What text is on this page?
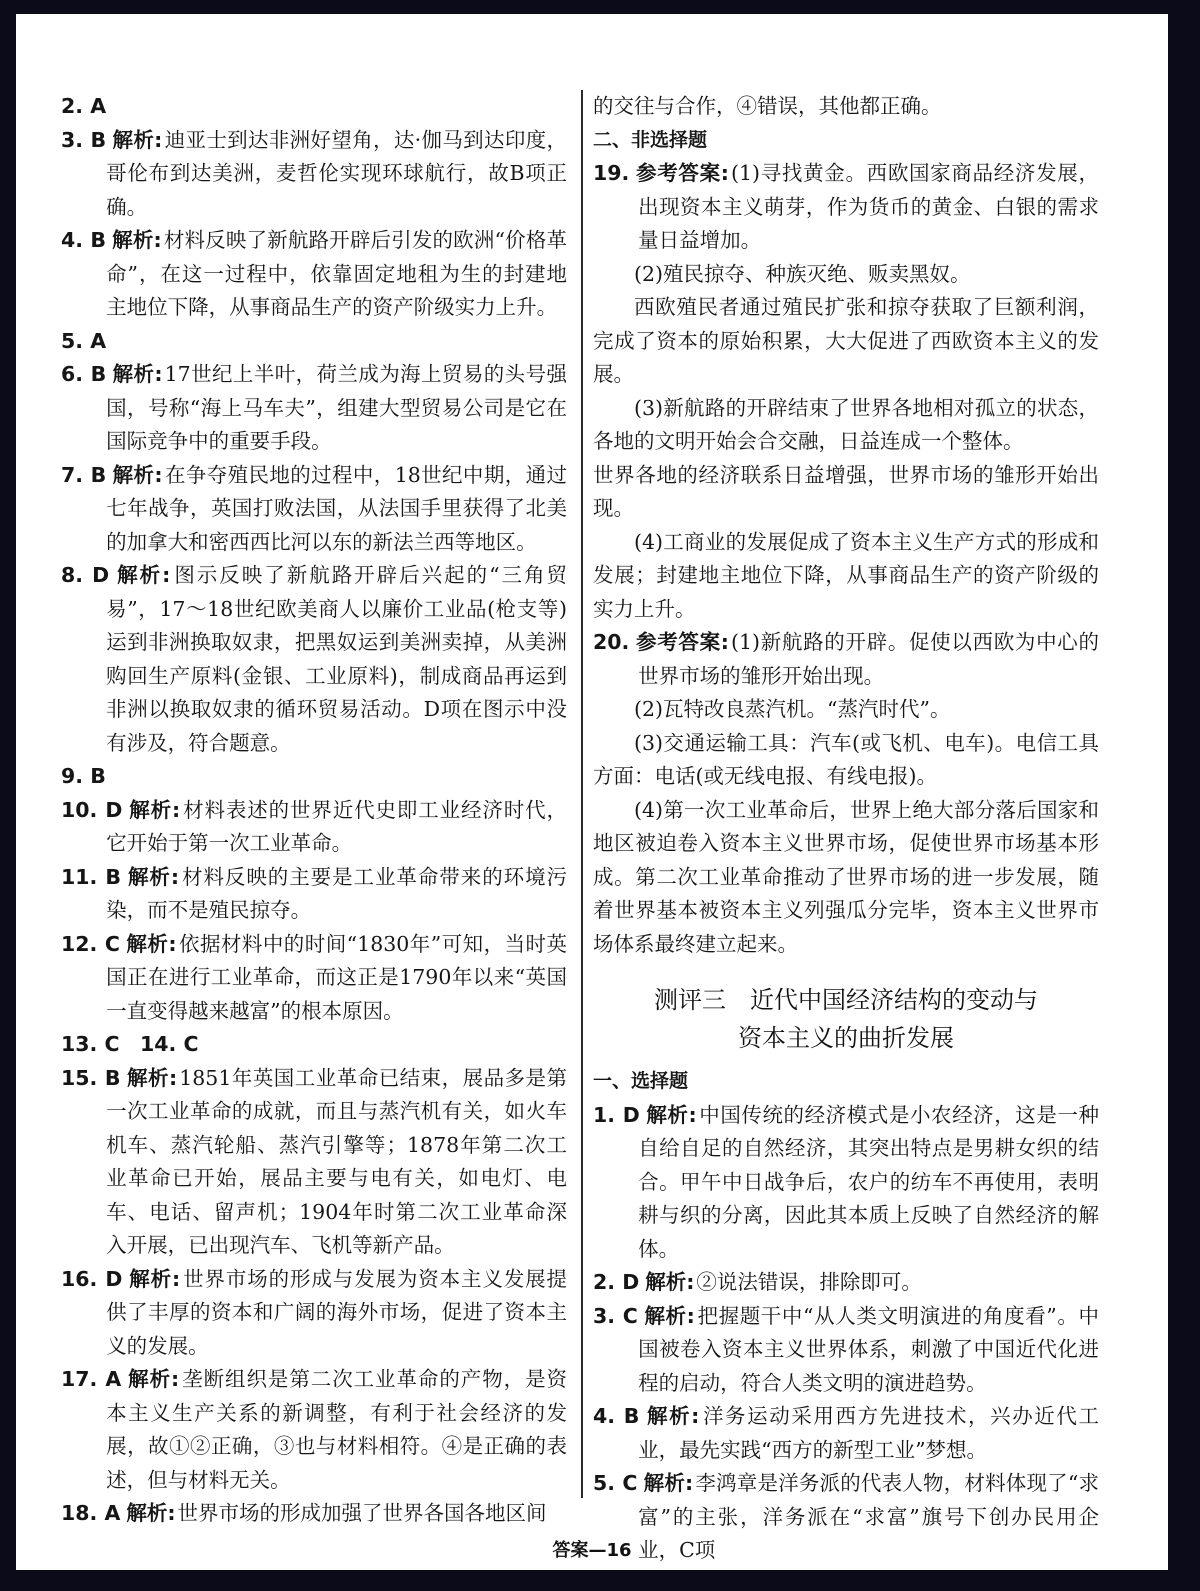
2. A

3. B 解析:迪亚士到达非洲好望角，达·伽马到达印度，哥伦布到达美洲，麦哲伦实现环球航行，故B项正确。

4. B 解析:材料反映了新航路开辟后引发的欧洲“价格革命”，在这一过程中，依靠固定地租为生的封建地主地位下降，从事商品生产的资产阶级实力上升。

5. A

6. B 解析:17世纪上半叶，荷兰成为海上贸易的头号强国，号称“海上马车夫”，组建大型贸易公司是它在国际竞争中的重要手段。

7. B 解析:在争夺殖民地的过程中，18世纪中期，通过七年战争，英国打败法国，从法国手里获得了北美的加拿大和密西西比河以东的新法兰西等地区。

8. D 解析:图示反映了新航路开辟后兴起的“三角贸易”，17～18世纪欧美商人以廉价工业品(枪支等)运到非洲换取奴隶，把黑奴运到美洲卖掉，从美洲购回生产原料(金银、工业原料)，制成商品再运到非洲以换取奴隶的循环贸易活动。D项在图示中没有涉及，符合题意。

9. B

10. D 解析:材料表述的世界近代史即工业经济时代，它开始于第一次工业革命。

11. B 解析:材料反映的主要是工业革命带来的环境污染，而不是殖民掠夺。

12. C 解析:依据材料中的时间“1830年”可知，当时英国正在进行工业革命，而这正是1790年以来“英国一直变得越来越富”的根本原因。

13. C　14. C

15. B 解析:1851年英国工业革命已结束，展品多是第一次工业革命的成就，而且与蒸汽机有关，如火车机车、蒸汽轮船、蒸汽引擎等；1878年第二次工业革命已开始，展品主要与电有关，如电灯、电车、电话、留声机；1904年时第二次工业革命深入开展，已出现汽车、飞机等新产品。

16. D 解析:世界市场的形成与发展为资本主义发展提供了丰厚的资本和广阔的海外市场，促进了资本主义的发展。

17. A 解析:垄断组织是第二次工业革命的产物，是资本主义生产关系的新调整，有利于社会经济的发展，故①②正确，③也与材料相符。④是正确的表述，但与材料无关。

18. A 解析:世界市场的形成加强了世界各国各地区间

的交往与合作，④错误，其他都正确。

二、非选择题

19. 参考答案:(1)寻找黄金。西欧国家商品经济发展，出现资本主义萌芽，作为货币的黄金、白银的需求量日益增加。

(2)殖民掠夺、种族灭绝、贩卖黑奴。

西欧殖民者通过殖民扩张和掠夺获取了巨额利润，完成了资本的原始积累，大大促进了西欧资本主义的发展。

(3)新航路的开辟结束了世界各地相对孤立的状态，各地的文明开始会合交融，日益连成一个整体。

世界各地的经济联系日益增强，世界市场的雏形开始出现。

(4)工商业的发展促成了资本主义生产方式的形成和发展；封建地主地位下降，从事商品生产的资产阶级的实力上升。

20. 参考答案:(1)新航路的开辟。促使以西欧为中心的世界市场的雏形开始出现。

(2)瓦特改良蒸汽机。“蒸汽时代”。

(3)交通运输工具：汽车(或飞机、电车)。电信工具方面：电话(或无线电报、有线电报)。

(4)第一次工业革命后，世界上绝大部分落后国家和地区被迫卷入资本主义世界市场，促使世界市场基本形成。第二次工业革命推动了世界市场的进一步发展，随着世界基本被资本主义列强瓜分完毕，资本主义世界市场体系最终建立起来。

测评三　近代中国经济结构的变动与
资本主义的曲折发展

一、选择题

1. D 解析:中国传统的经济模式是小农经济，这是一种自给自足的自然经济，其突出特点是男耕女织的结合。甲午中日战争后，农户的纺车不再使用，表明耕与织的分离，因此其本质上反映了自然经济的解体。

2. D 解析:②说法错误，排除即可。

3. C 解析:把握题干中“从人类文明演进的角度看”。中国被卷入资本主义世界体系，刺激了中国近代化进程的启动，符合人类文明的演进趋势。

4. B 解析:洋务运动采用西方先进技术，兴办近代工业，最先实践“西方的新型工业”梦想。

5. C 解析:李鸿章是洋务派的代表人物，材料体现了“求富”的主张，洋务派在“求富”旗号下创办民用企业，C项

答案—16
